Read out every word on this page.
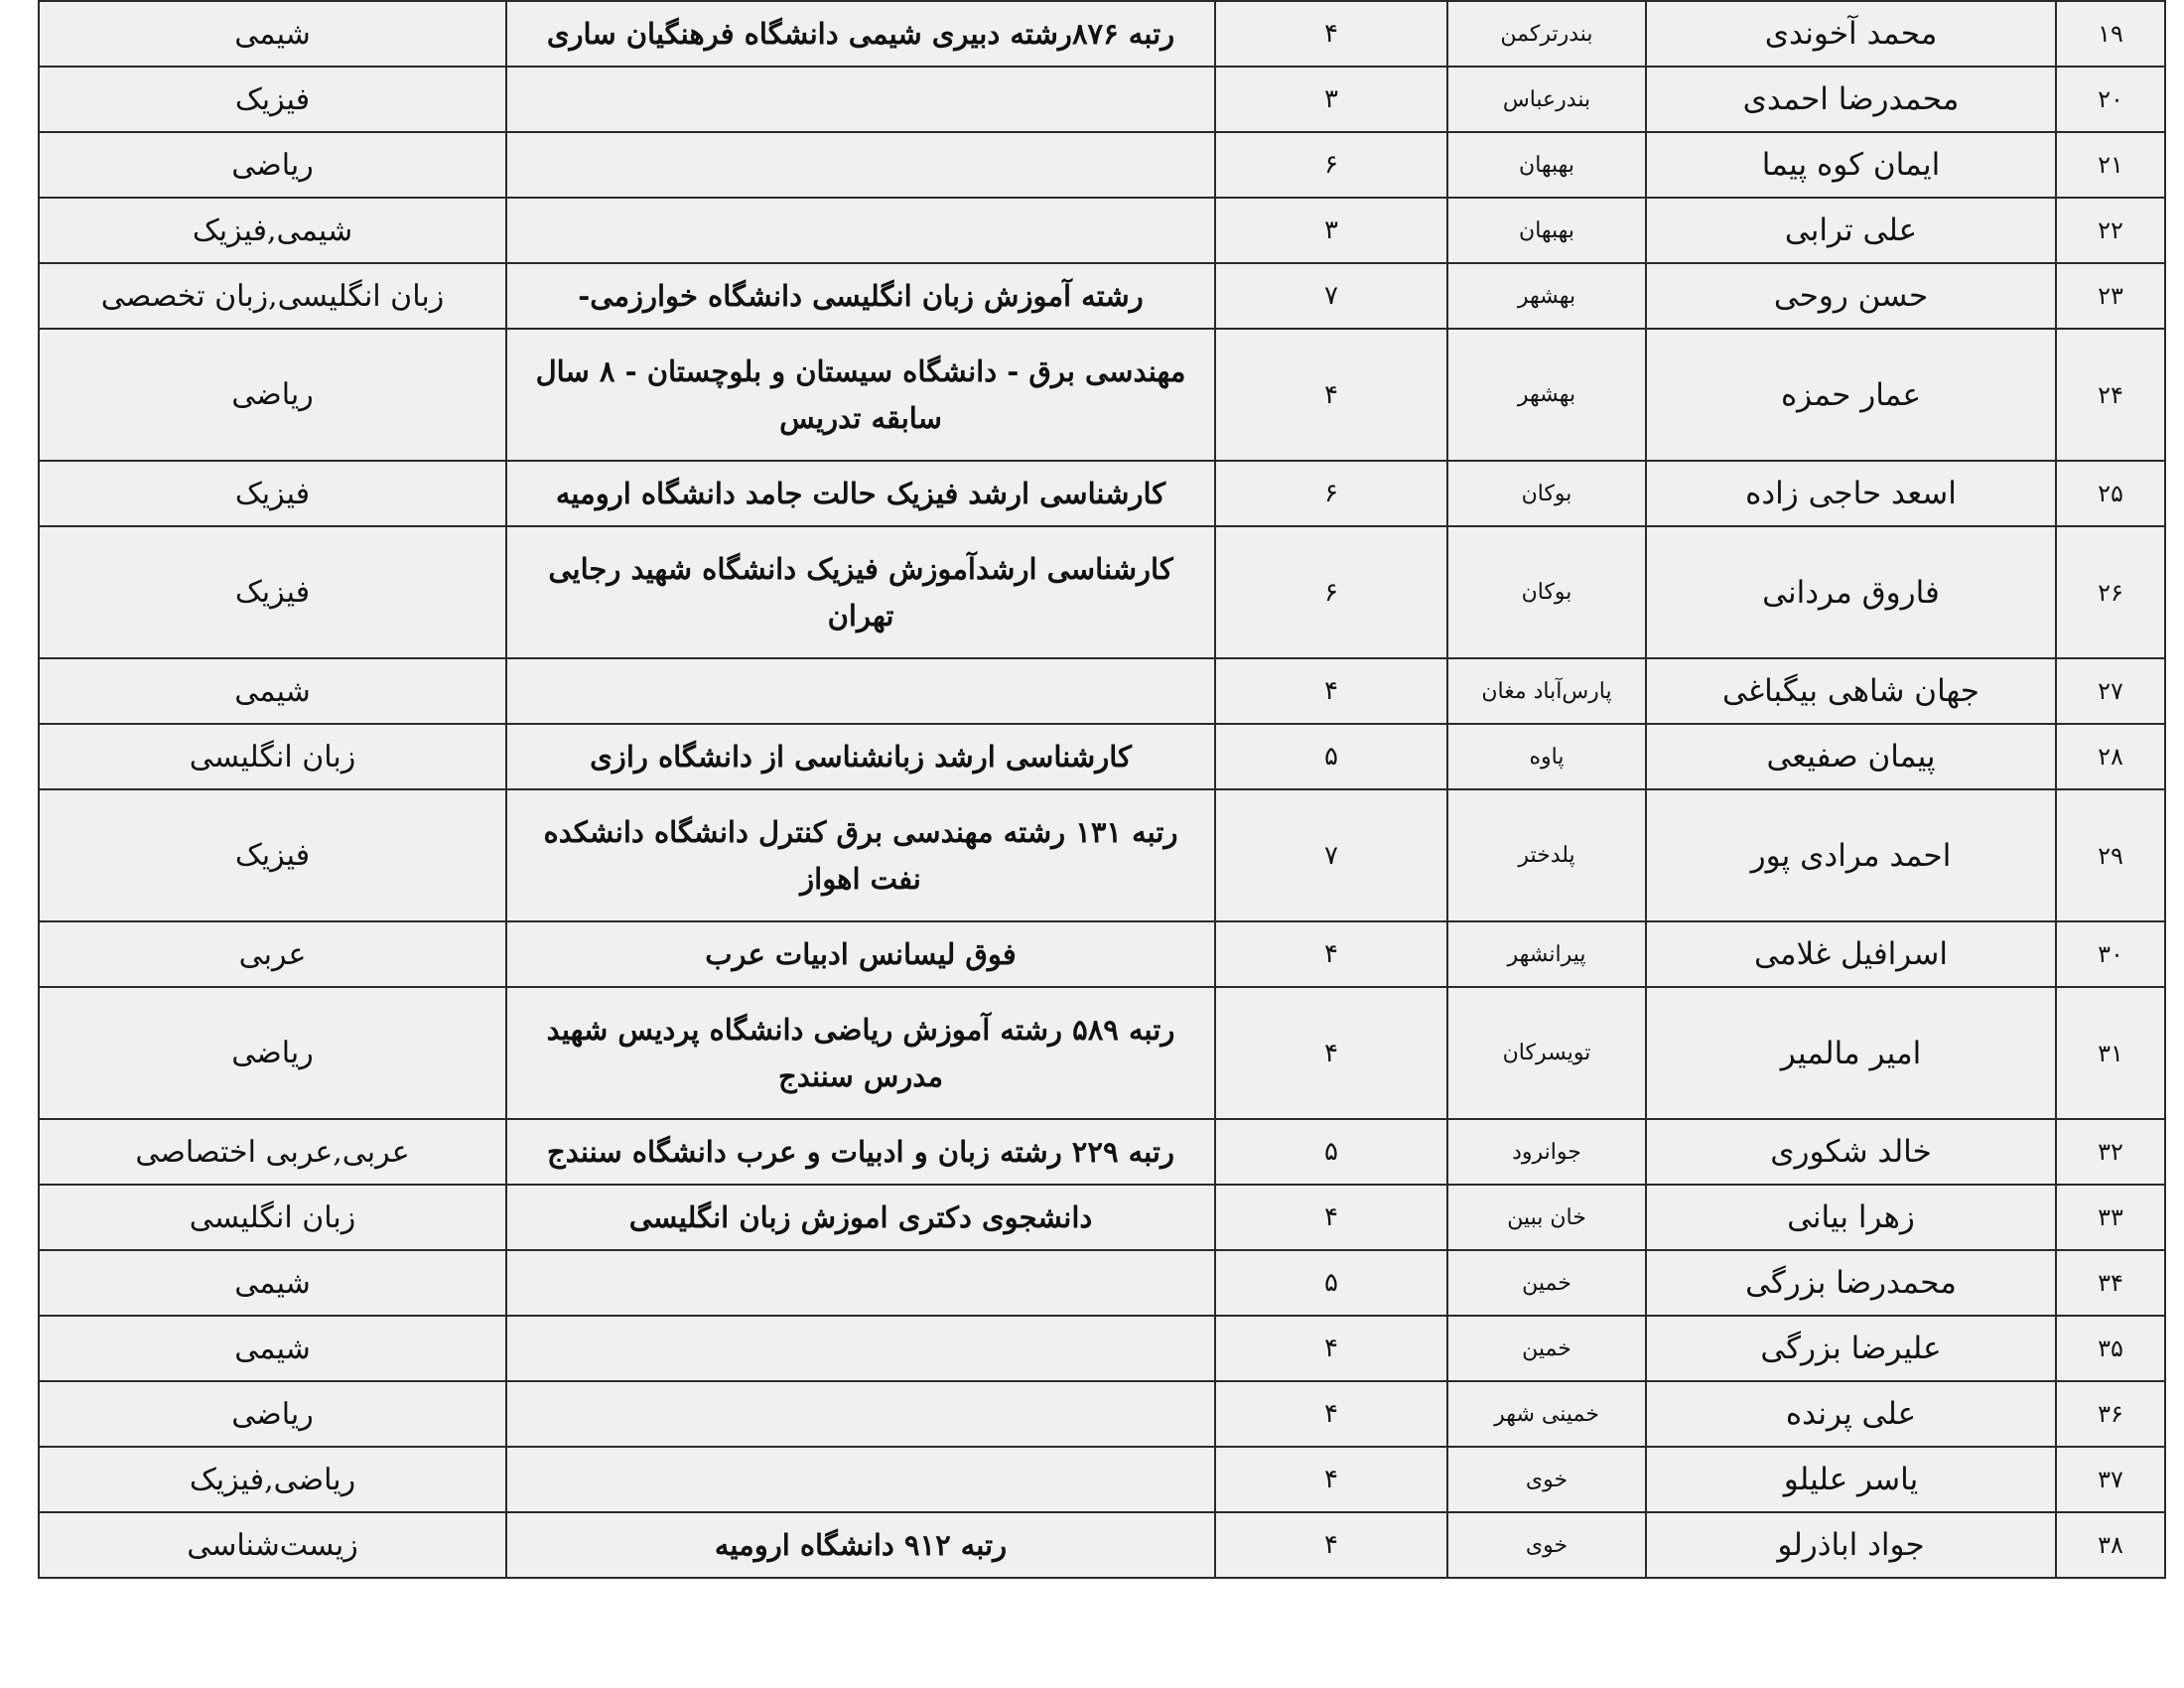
۱۹	محمد آخوندی	بندرترکمن	۴	رتبه ۸۷۶رشته دبیری شیمی دانشگاه فرهنگیان ساری	شیمی
۲۰	محمدرضا احمدی	بندرعباس	۳		فیزیک
۲۱	ایمان کوه پیما	بهبهان	۶		ریاضی
۲۲	علی ترابی	بهبهان	۳		شیمی,فیزیک
۲۳	حسن روحی	بهشهر	۷	رشته آموزش زبان انگلیسی دانشگاه خوارزمی-	زبان انگلیسی,زبان تخصصی
۲۴	عمار حمزه	بهشهر	۴	مهندسی برق - دانشگاه سیستان و بلوچستان - ۸ سال سابقه تدریس	ریاضی
۲۵	اسعد حاجی زاده	بوکان	۶	کارشناسی ارشد فیزیک حالت جامد دانشگاه ارومیه	فیزیک
۲۶	فاروق مردانی	بوکان	۶	کارشناسی ارشدآموزش فیزیک دانشگاه شهید رجایی تهران	فیزیک
۲۷	جهان شاهی بیگباغی	پارس‌آباد مغان	۴		شیمی
۲۸	پیمان صفیعی	پاوه	۵	کارشناسی ارشد زبانشناسی از دانشگاه رازی	زبان انگلیسی
۲۹	احمد مرادی پور	پلدختر	۷	رتبه ۱۳۱ رشته مهندسی برق کنترل دانشگاه دانشکده نفت اهواز	فیزیک
۳۰	اسرافیل غلامی	پیرانشهر	۴	فوق لیسانس ادبیات عرب	عربی
۳۱	امیر مالمیر	تویسرکان	۴	رتبه ۵۸۹ رشته آموزش ریاضی دانشگاه پردیس شهید مدرس سنندج	ریاضی
۳۲	خالد شکوری	جوانرود	۵	رتبه ۲۲۹ رشته زبان و ادبیات و عرب دانشگاه سنندج	عربی,عربی اختصاصی
۳۳	زهرا بیانی	خان ببین	۴	دانشجوی دکتری اموزش زبان انگلیسی	زبان انگلیسی
۳۴	محمدرضا بزرگی	خمین	۵		شیمی
۳۵	علیرضا بزرگی	خمین	۴		شیمی
۳۶	علی پرنده	خمینی شهر	۴		ریاضی
۳۷	یاسر علیلو	خوی	۴		ریاضی,فیزیک
۳۸	جواد اباذرلو	خوی	۴	رتبه ۹۱۲ دانشگاه ارومیه	زیست‌شناسی
